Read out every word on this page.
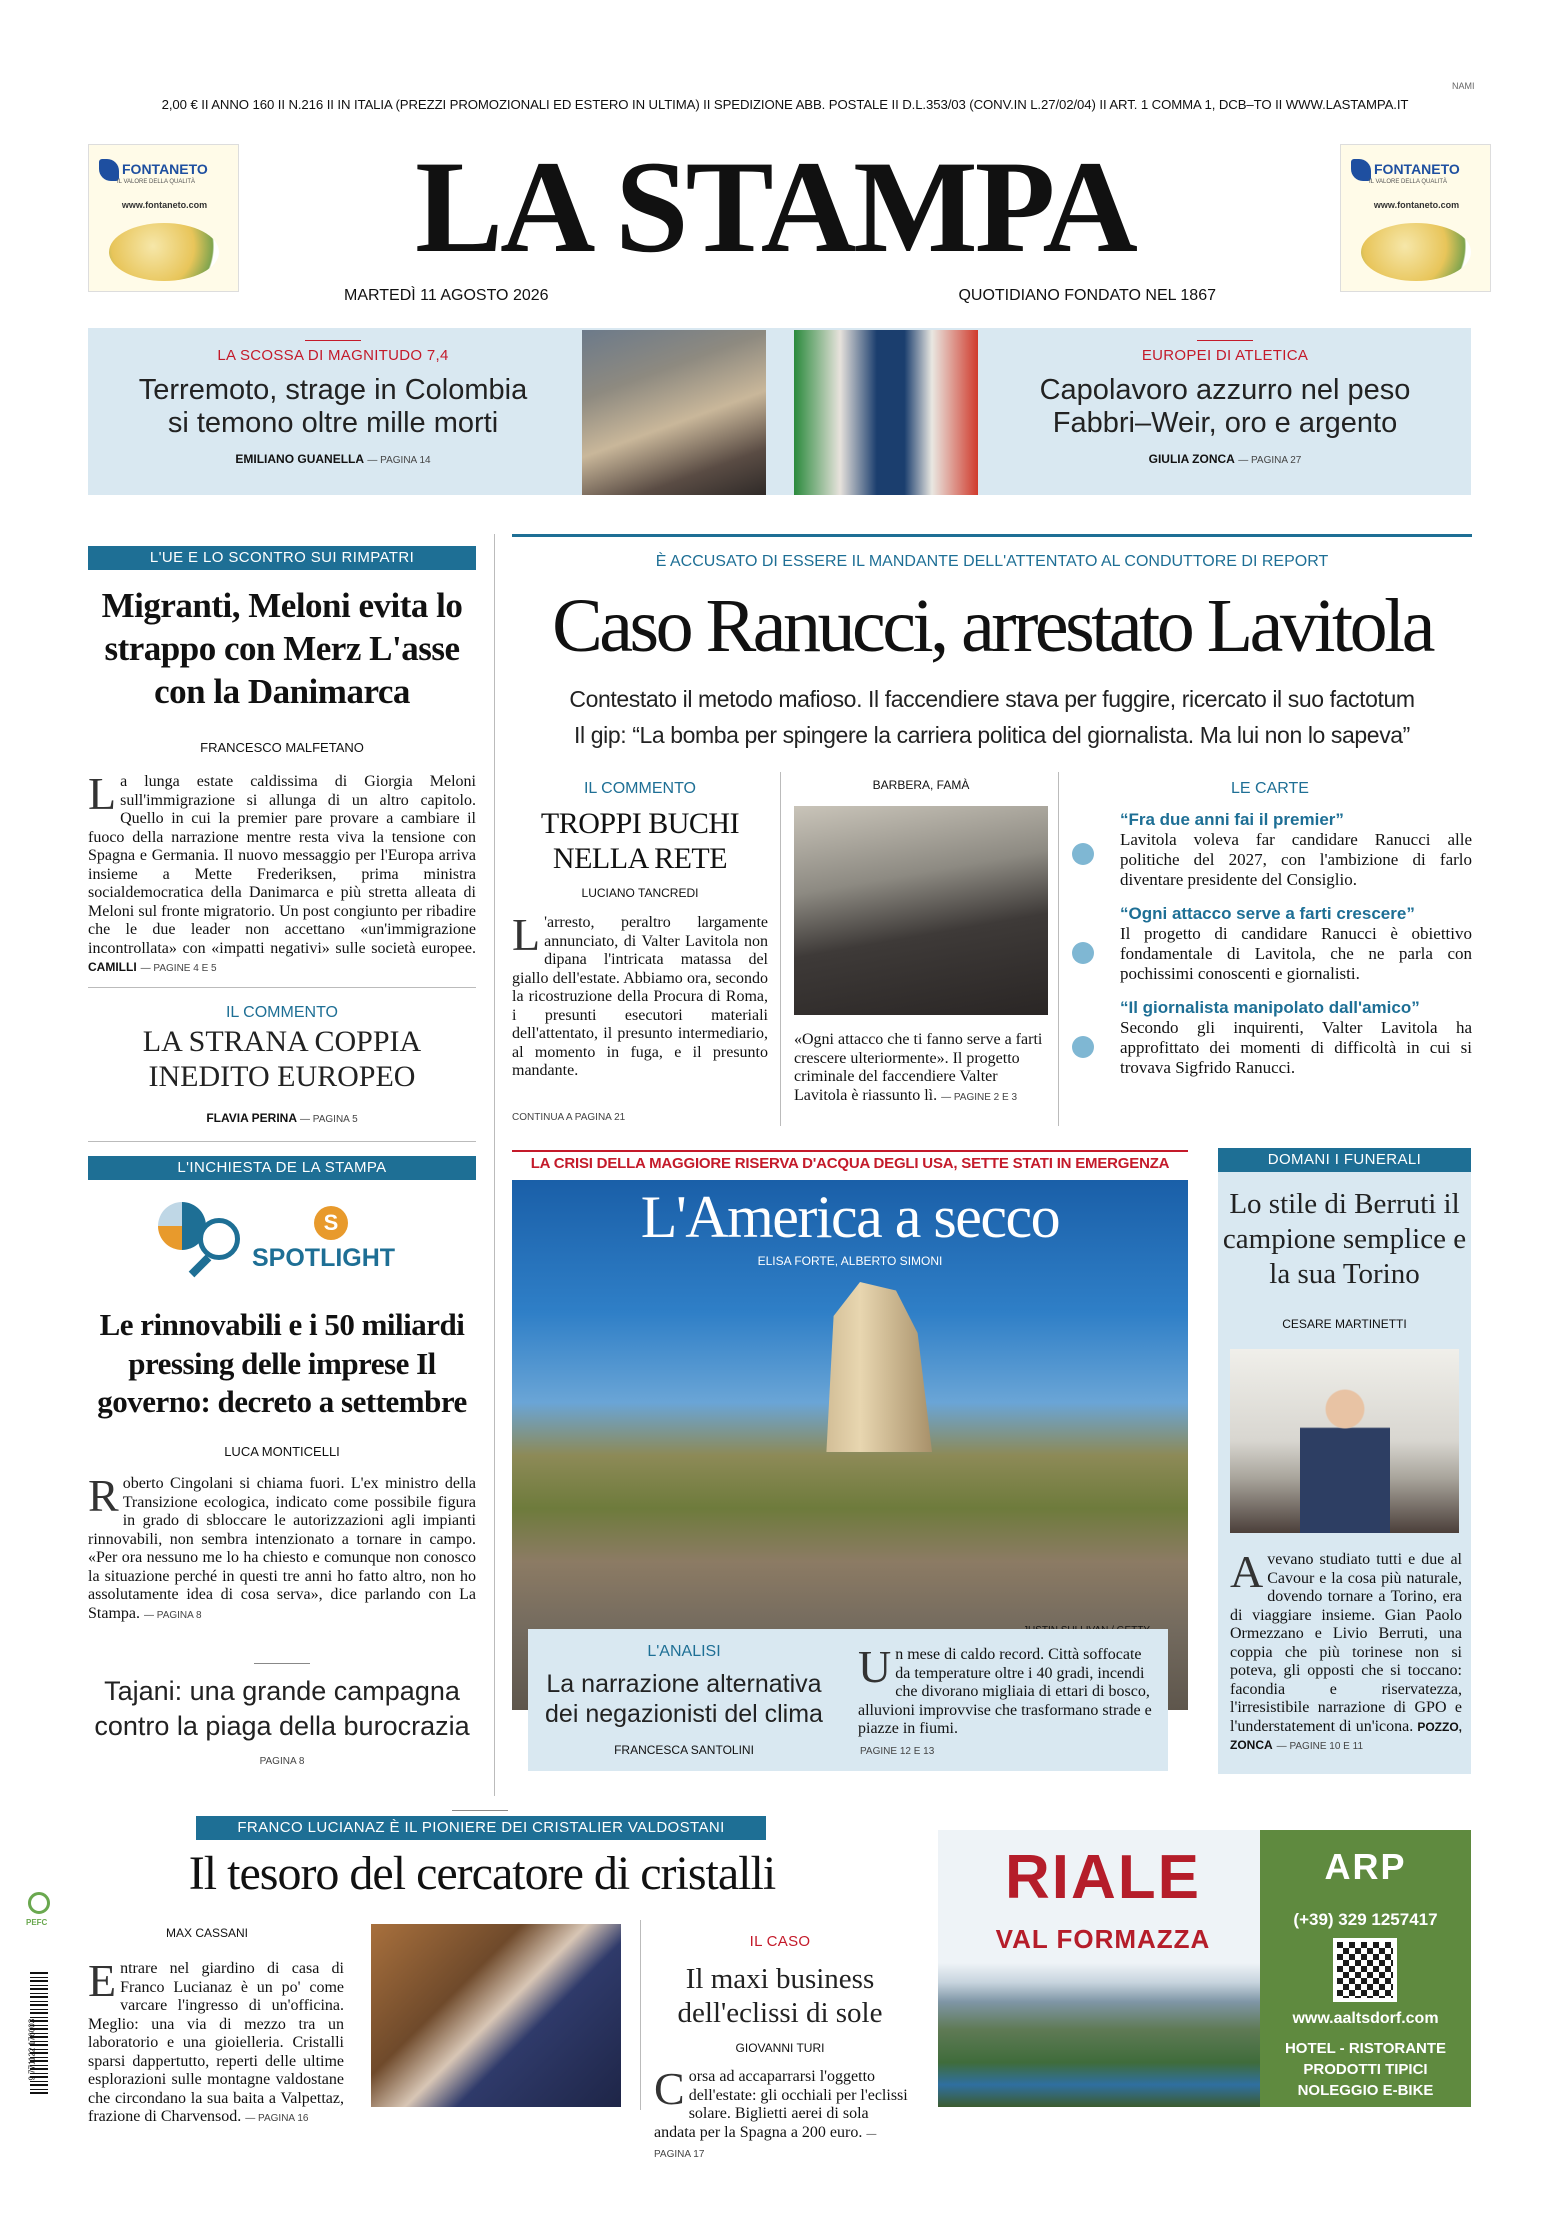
2,00 € II ANNO 160 II N.216 II IN ITALIA (PREZZI PROMOZIONALI ED ESTERO IN ULTIMA) II SPEDIZIONE ABB. POSTALE II D.L.353/03 (CONV.IN L.27/02/04) II ART. 1 COMMA 1, DCB–TO II WWW.LASTAMPA.IT
NAMI
FONTANETO
IL VALORE DELLA QUALITÀ
www.fontaneto.com
FONTANETO
IL VALORE DELLA QUALITÀ
www.fontaneto.com
LA STAMPA
MARTEDÌ 11 AGOSTO 2026	QUOTIDIANO FONDATO NEL 1867
LA SCOSSA DI MAGNITUDO 7,4
Terremoto, strage in Colombia si temono oltre mille morti
EMILIANO GUANELLA — PAGINA 14
EUROPEI DI ATLETICA
Capolavoro azzurro nel peso Fabbri–Weir, oro e argento
GIULIA ZONCA — PAGINA 27
L'UE E LO SCONTRO SUI RIMPATRI
Migranti, Meloni evita lo strappo con Merz L'asse con la Danimarca
FRANCESCO MALFETANO
La lunga estate caldissima di Giorgia Meloni sull'immigrazione si allunga di un altro capitolo. Quello in cui la premier pare provare a cambiare il fuoco della narrazione mentre resta viva la tensione con Spagna e Germania. Il nuovo messaggio per l'Europa arriva insieme a Mette Frederiksen, prima ministra socialdemocratica della Danimarca e più stretta alleata di Meloni sul fronte migratorio. Un post congiunto per ribadire che le due leader non accettano «un'immigrazione incontrollata» con «impatti negativi» sulle società europee. CAMILLI — PAGINE 4 E 5
IL COMMENTO
LA STRANA COPPIA INEDITO EUROPEO
FLAVIA PERINA — PAGINA 5
È ACCUSATO DI ESSERE IL MANDANTE DELL'ATTENTATO AL CONDUTTORE DI REPORT
Caso Ranucci, arrestato Lavitola
Contestato il metodo mafioso. Il faccendiere stava per fuggire, ricercato il suo factotum
Il gip: “La bomba per spingere la carriera politica del giornalista. Ma lui non lo sapeva”
IL COMMENTO
TROPPI BUCHI NELLA RETE
LUCIANO TANCREDI
L 'arresto, peraltro largamente annunciato, di Valter Lavitola non dipana l'intricata matassa del giallo dell'estate. Abbiamo ora, secondo la ricostruzione della Procura di Roma, i presunti esecutori materiali dell'attentato, il presunto intermediario, al momento in fuga, e il presunto mandante.
CONTINUA A PAGINA 21
BARBERA, FAMÀ
«Ogni attacco che ti fanno serve a farti crescere ulteriormente». Il progetto criminale del faccendiere Valter Lavitola è riassunto lì. — PAGINE 2 E 3
LE CARTE
“Fra due anni fai il premier”
Lavitola voleva far candidare Ranucci alle politiche del 2027, con l'ambizione di farlo diventare presidente del Consiglio.
“Ogni attacco serve a farti crescere”
Il progetto di candidare Ranucci è obiettivo fondamentale di Lavitola, che ne parla con pochissimi conoscenti e giornalisti.
“Il giornalista manipolato dall'amico”
Secondo gli inquirenti, Valter Lavitola ha approfittato dei momenti di difficoltà in cui si trovava Sigfrido Ranucci.
L'INCHIESTA DE LA STAMPA
S
SPOTLIGHT
Le rinnovabili e i 50 miliardi pressing delle imprese Il governo: decreto a settembre
LUCA MONTICELLI
Roberto Cingolani si chiama fuori. L'ex ministro della Transizione ecologica, indicato come possibile figura in grado di sbloccare le autorizzazioni agli impianti rinnovabili, non sembra intenzionato a tornare in campo. «Per ora nessuno me lo ha chiesto e comunque non conosco la situazione perché in questi tre anni ho fatto altro, non ho assolutamente idea di cosa serva», dice parlando con La Stampa. — PAGINA 8
Tajani: una grande campagna contro la piaga della burocrazia
PAGINA 8
LA CRISI DELLA MAGGIORE RISERVA D'ACQUA DEGLI USA, SETTE STATI IN EMERGENZA
L'America a secco
ELISA FORTE, ALBERTO SIMONI
L'ANALISI
La narrazione alternativa dei negazionisti del clima
FRANCESCA SANTOLINI
Un mese di caldo record. Città soffocate da temperature oltre i 40 gradi, incendi che divorano migliaia di ettari di bosco, alluvioni improvvise che trasformano strade e piazze in fiumi.
PAGINE 12 E 13
DOMANI I FUNERALI
Lo stile di Berruti il campione semplice e la sua Torino
CESARE MARTINETTI
Avevano studiato tutti e due al Cavour e la cosa più naturale, dovendo tornare a Torino, era di viaggiare insieme. Gian Paolo Ormezzano e Livio Berruti, una coppia che più torinese non si poteva, gli opposti che si toccano: facondia e riservatezza, l'irresistibile narrazione di GPO e l'understatement di un'icona. POZZO, ZONCA — PAGINE 10 E 11
FRANCO LUCIANAZ È IL PIONIERE DEI CRISTALIER VALDOSTANI
Il tesoro del cercatore di cristalli
MAX CASSANI
Entrare nel giardino di casa di Franco Lucianaz è un po' come varcare l'ingresso di un'officina. Meglio: una via di mezzo tra un laboratorio e una gioielleria. Cristalli sparsi dappertutto, reperti delle ultime esplorazioni sulle montagne valdostane che circondano la sua baita a Valpettaz, frazione di Charvensod. — PAGINA 16
IL CASO
Il maxi business dell'eclissi di sole
GIOVANNI TURI
Corsa ad accaparrarsi l'oggetto dell'estate: gli occhiali per l'eclissi solare. Biglietti aerei di sola andata per la Spagna a 200 euro. — PAGINA 17
RIALE
VAL FORMAZZA
ARP
(+39) 329 1257417
www.aaltsdorf.com
HOTEL - RISTORANTE
PRODOTTI TIPICI
NOLEGGIO E-BIKE
PEFC
9 771122 176003
